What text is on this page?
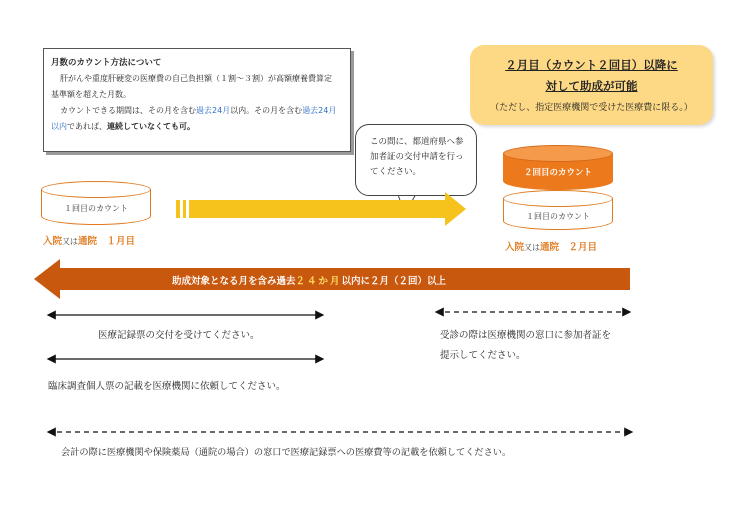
月数のカウント方法について
肝がんや重度肝硬変の医療費の自己負担額（１割～３割）が高額療養費算定
基準額を超えた月数。
カウントできる期間は、その月を含む過去24月以内。その月を含む過去24月
以内であれば、連続していなくても可。
２月目（カウント２回目）以降に
対して助成が可能
（ただし、指定医療機関で受けた医療費に限る。）
この間に、都道府県へ参
加者証の交付申請を行っ
てください。
１回目のカウント
入院又は通院　１月目
１回目のカウント
２回目のカウント
入院又は通院　２月目
助成対象となる月を含み過去２４か月以内に２月（２回）以上
医療記録票の交付を受けてください。
臨床調査個人票の記載を医療機関に依頼してください。
受診の際は医療機関の窓口に参加者証を
提示してください。
会計の際に医療機関や保険薬局（通院の場合）の窓口で医療記録票への医療費等の記載を依頼してください。
